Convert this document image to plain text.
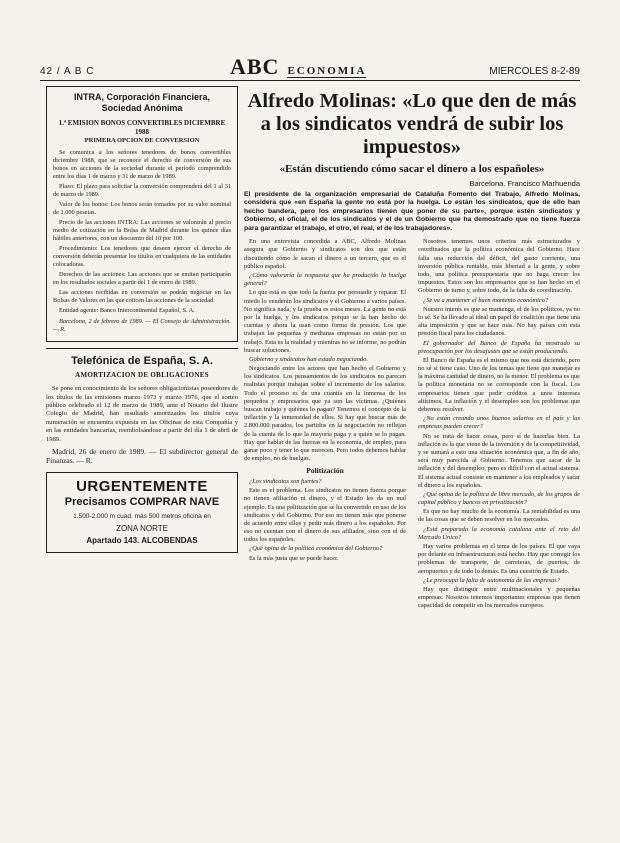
42 / A B C	ABC ECONOMIA	MIERCOLES 8-2-89
INTRA, Corporación Financiera, Sociedad Anónima
1.ª EMISION BONOS CONVERTIBLES DICIEMBRE 1988
PRIMERA OPCION DE CONVERSION

Se comunica a los señores tenedores de bonos convertibles diciembre 1988, que se reconoce el derecho de conversión de sus bonos en acciones de la sociedad durante el período comprendido entre los días 1 de marzo y 31 de marzo de 1989.

Plazo: El plazo para solicitar la conversión comprenderá del 1 al 31 de marzo de 1989.

Valor de los bonos: Los bonos serán tomados por su valor nominal de 1.000 pesetas.

Precio de las acciones INTRA: Las acciones se valorarán al precio medio de cotización en la Bolsa de Madrid durante los quince días hábiles anteriores, con un descuento del 10 por 100.

Procedimiento: Los tenedores que deseen ejercer el derecho de conversión deberán presentar los títulos en cualquiera de las entidades colocadoras.

Derechos de las acciones: Las acciones que se emitan participarán en los resultados sociales a partir del 1 de enero de 1989.

Las acciones recibidas en conversión se podrán negociar en las Bolsas de Valores en las que coticen las acciones de la sociedad.

Entidad agente: Banco Intercontinental Español, S. A.

Barcelona, 2 de febrero de 1989. — El Consejo de Administración. — R.

Telefónica de España, S. A.
AMORTIZACION DE OBLIGACIONES

Se pone en conocimiento de los señores obligacionistas poseedores de los títulos de las emisiones marzo 1973 y marzo 1976, que el sorteo público celebrado el 12 de marzo de 1989, ante el Notario del Ilustre Colegio de Madrid, han resultado amortizados los títulos cuya numeración se encuentra expuesta en las Oficinas de esta Compañía y en las entidades bancarias, reembolsándose a partir del día 1 de abril de 1989.

Madrid, 26 de enero de 1989. — El subdirector general de Finanzas. — R.

URGENTEMENTE
Precisamos COMPRAR NAVE
1.500-2.000 m cuad. más 500 metros oficina en
ZONA NORTE
Apartado 143. ALCOBENDAS
Alfredo Molinas: «Lo que den de más a los sindicatos vendrá de subir los impuestos»
«Están discutiendo cómo sacar el dinero a los españoles»
Barcelona. Francisco Marhuenda
El presidente de la organización empresarial de Cataluña Fomento del Trabajo, Alfredo Molinas, considera que «en España la gente no está por la huelga. Lo están los sindicatos, que de ello han hecho bandera, pero los empresarios tienen que poner de su parte», porque estén sindicatos y Gobierno, el oficial, el de los sindicatos y el de un Gobierno que ha demostrado que no tiene fuerza para garantizar el trabajo, el otro, el real, el de los trabajadores».

En una entrevista concedida a ABC, Alfredo Molinas asegura que Gobierno y sindicatos son dos que están discutiendo cómo le sacan el dinero a un tercero, que es el público español.

¿Cómo valoraría la respuesta que ha producido la huelga general?

Lo que está es que todo la fuerza por persuadir y reparar. El miedo lo venderán los sindicatos y el Gobierno a varios países. No significa nada, y la prueba es estos meses. La gente no está por la huelga, y los sindicatos porque se la han hecho de cuentas y ahora la usan como forma de presión. Los que trabajan las pequeñas y medianas empresas no están por su trabajo. Esta es la realidad y mientras no se informe, no podrán buscar soluciones.

Gobierno y sindicatos han estado negociando.

Negociando entre los actores que han hecho el Gobierno y los sindicatos. Los pensamientos de los sindicatos no parecen realistas porque trabajan sobre el incremento de los salarios. Todo el proceso es de una cuantía en la inmensa de los pequeños y empresarios que ya son las víctimas. ¿Quiénes buscan trabajo y quiénes lo pagan? Tenemos el concepto de la inflación y la inmensidad de ellos. Si hay que buscar más de 2.800.000 parados, los partidos en la negociación no reflejan de la cuenta de lo que la mayoría paga y a quién se lo pagan. Hay que hablar de las fuerzas en la economía, de empleo, para ganar poco y tener lo que merecen. Pero todos debemos hablar de empleo, no de huelgas.

Politización

¿Los sindicatos son fuertes?

Este es el problema. Los sindicatos no tienen fuerza porque no tienen afiliación ni dinero, y el Estado les da un mal ejemplo. Es una politización que se ha convertido en uso de los sindicatos y del Gobierno. Por eso no tienen más que ponerse de acuerdo entre ellos y pedir más dinero a los españoles. Por eso no cuentan con el dinero de sus afiliados, sino con el de todos los españoles.

¿Qué opina de la política económica del Gobierno?

Es la más justa que se puede hacer.

Nosotros tenemos unos criterios más estructurados y coordinados que la política económica del Gobierno. Hace falta una reducción del déficit, del gasto corriente, una inversión pública rentable, más libertad a la gente, y sobre todo, una política presupuestaria que no haga crecer los impuestos. Estos son los empresarios que se han hecho en el Gobierno de turno y, sobre todo, de la falta de coordinación.

¿Se va a mantener el buen momento económico?

Nuestro interés es que se mantenga, el de los políticos, ya no lo sé. Se ha llevado al ideal un papel de coalición que tiene una alta imposición y que se hace más. No hay países con esta presión fiscal para los ciudadanos.

El gobernador del Banco de España ha mostrado su preocupación por los desajustes que se están produciendo.

El Banco de España es el mismo que nos está diciendo, pero no sé si tiene caso. Uno de los temas que tiene que manejar es la máxima cantidad de dinero, no la menor. El problema es que la política monetaria no se corresponde con la fiscal. Los empresarios tienen que pedir créditos a unos intereses altísimos. La inflación y el desempleo son los problemas que debemos resolver.

¿No están creando unos buenos salarios en el país y las empresas pueden crecer?

No se trata de hacer cosas, pero sí de hacerlas bien. La inflación es la que viene de la inversión y de la competitividad, y se sumará a esto una situación económica que, a fin de año, será muy parecida al Gobierno. Tenemos que sacar de la inflación y del desempleo, pero es difícil con el actual sistema. El sistema actual consiste en mantener a los empleados y sacar el dinero a los españoles.

¿Qué opina de la política de libre mercado, de los grupos de capital público y bancos en privatización?

Es que no hay mucho de la economía. La rentabilidad es una de las cosas que se deben resolver en los mercados.

¿Está preparada la economía catalana ante el reto del Mercado Único?

Hay varios problemas en el tema de los países. El que vaya por delante en infraestructuras está hecho. Hay que corregir los problemas de transporte, de carreteras, de puertos, de aeropuertos y de todo lo demás. Es una cuestión de Estado.

¿Le preocupa la falta de autonomía de las empresas?

Hay que distinguir entre multinacionales y pequeñas empresas. Nosotros tenemos importantes empresas que tienen capacidad de competir en los mercados europeos.
